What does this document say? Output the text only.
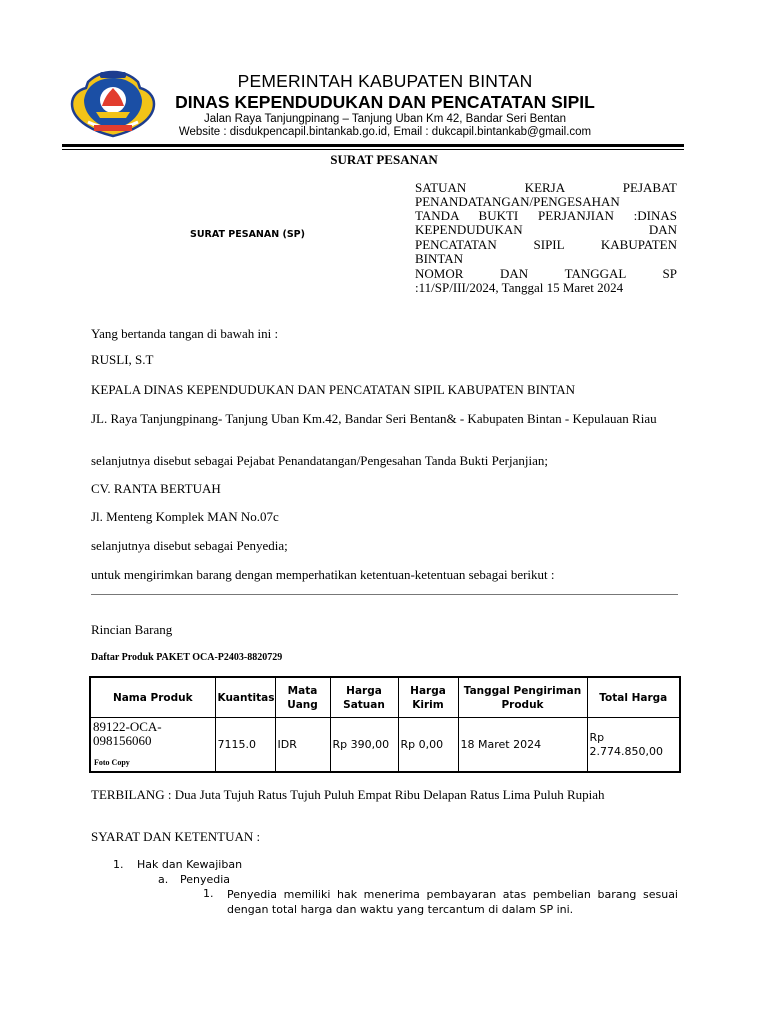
PEMERINTAH KABUPATEN BINTAN
DINAS KEPENDUDUKAN DAN PENCATATAN SIPIL
Jalan Raya Tanjungpinang – Tanjung Uban Km 42, Bandar Seri Bentan
Website : disdukpencapil.bintankab.go.id, Email : dukcapil.bintankab@gmail.com
SURAT PESANAN
SURAT PESANAN (SP)
SATUAN KERJA PEJABAT
PENANDATANGAN/PENGESAHAN
TANDA BUKTI PERJANJIAN :DINAS
KEPENDUDUKAN DAN
PENCATATAN SIPIL KABUPATEN
BINTAN
NOMOR DAN TANGGAL SP
:11/SP/III/2024, Tanggal 15 Maret 2024
Yang bertanda tangan di bawah ini :
RUSLI, S.T
KEPALA DINAS KEPENDUDUKAN DAN PENCATATAN SIPIL KABUPATEN BINTAN
JL. Raya Tanjungpinang- Tanjung Uban Km.42, Bandar Seri Bentan& - Kabupaten Bintan - Kepulauan Riau
selanjutnya disebut sebagai Pejabat Penandatangan/Pengesahan Tanda Bukti Perjanjian;
CV. RANTA BERTUAH
Jl. Menteng Komplek MAN No.07c
selanjutnya disebut sebagai Penyedia;
untuk mengirimkan barang dengan memperhatikan ketentuan-ketentuan sebagai berikut :
Rincian Barang
Daftar Produk PAKET OCA-P2403-8820729
Nama Produk	Kuantitas	Mata Uang	Harga Satuan	Harga Kirim	Tanggal Pengiriman Produk	Total Harga
89122-OCA-098156060
Foto Copy	7115.0	IDR	Rp 390,00	Rp 0,00	18 Maret 2024	Rp 2.774.850,00
TERBILANG : Dua Juta Tujuh Ratus Tujuh Puluh Empat Ribu Delapan Ratus Lima Puluh Rupiah
SYARAT DAN KETENTUAN :
1. Hak dan Kewajiban
a. Penyedia
1. Penyedia memiliki hak menerima pembayaran atas pembelian barang sesuai dengan total harga dan waktu yang tercantum di dalam SP ini.
